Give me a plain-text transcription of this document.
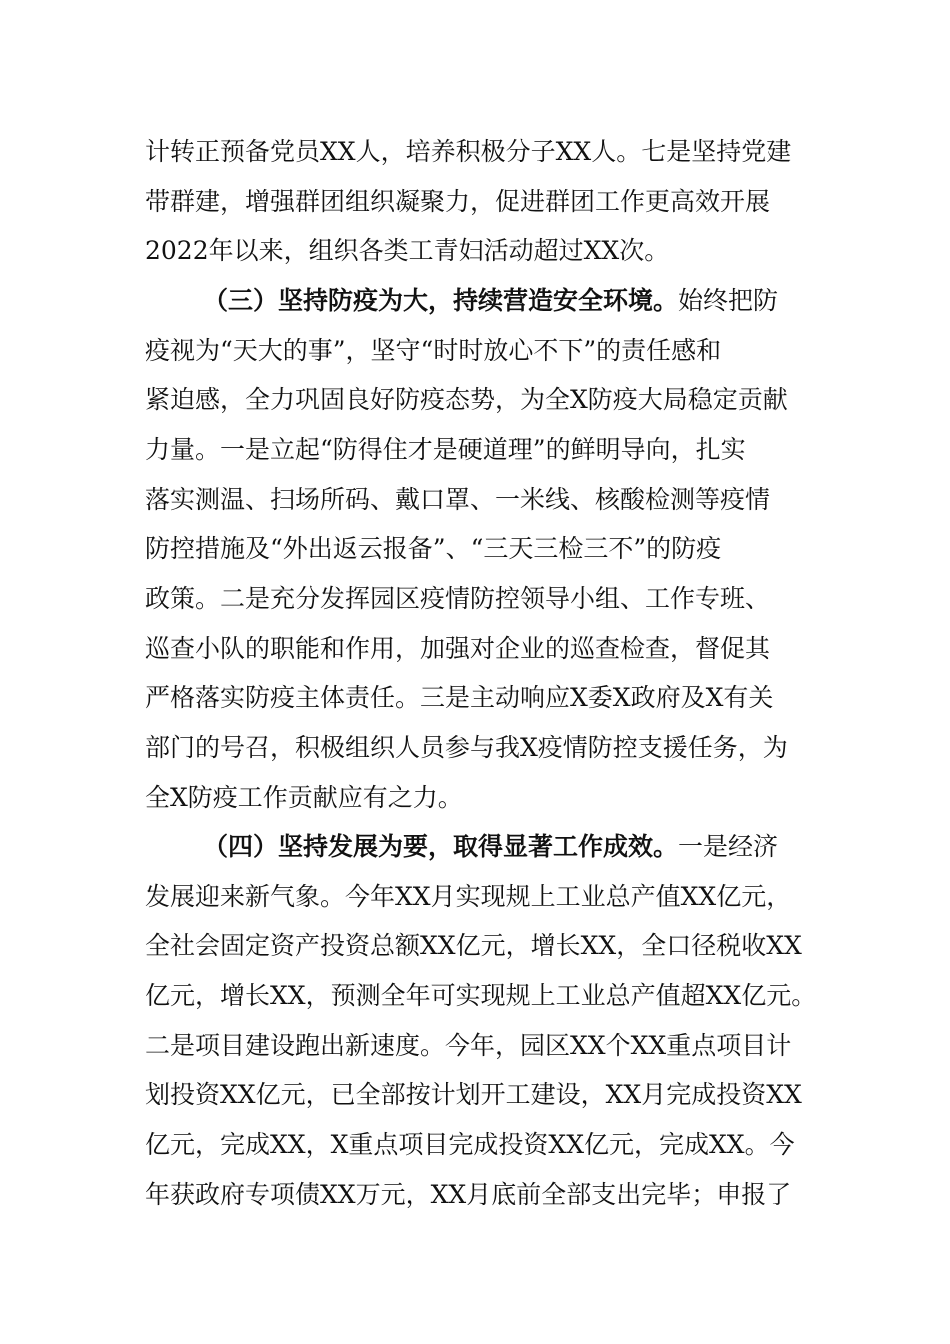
计转正预备党员XX人，培养积极分子XX人。七是坚持党建
带群建，增强群团组织凝聚力，促进群团工作更高效开展
2022年以来，组织各类工青妇活动超过XX次。
（三）坚持防疫为大，持续营造安全环境。始终把防
疫视为“天大的事”，坚守“时时放心不下”的责任感和
紧迫感，全力巩固良好防疫态势，为全X防疫大局稳定贡献
力量。一是立起“防得住才是硬道理”的鲜明导向，扎实
落实测温、扫场所码、戴口罩、一米线、核酸检测等疫情
防控措施及“外出返云报备”、“三天三检三不”的防疫
政策。二是充分发挥园区疫情防控领导小组、工作专班、
巡查小队的职能和作用，加强对企业的巡查检查，督促其
严格落实防疫主体责任。三是主动响应X委X政府及X有关
部门的号召，积极组织人员参与我X疫情防控支援任务，为
全X防疫工作贡献应有之力。
（四）坚持发展为要，取得显著工作成效。一是经济
发展迎来新气象。今年XX月实现规上工业总产值XX亿元，
全社会固定资产投资总额XX亿元，增长XX，全口径税收XX
亿元，增长XX，预测全年可实现规上工业总产值超XX亿元。
二是项目建设跑出新速度。今年，园区XX个XX重点项目计
划投资XX亿元，已全部按计划开工建设，XX月完成投资XX
亿元，完成XX，X重点项目完成投资XX亿元，完成XX。今
年获政府专项债XX万元，XX月底前全部支出完毕；申报了
